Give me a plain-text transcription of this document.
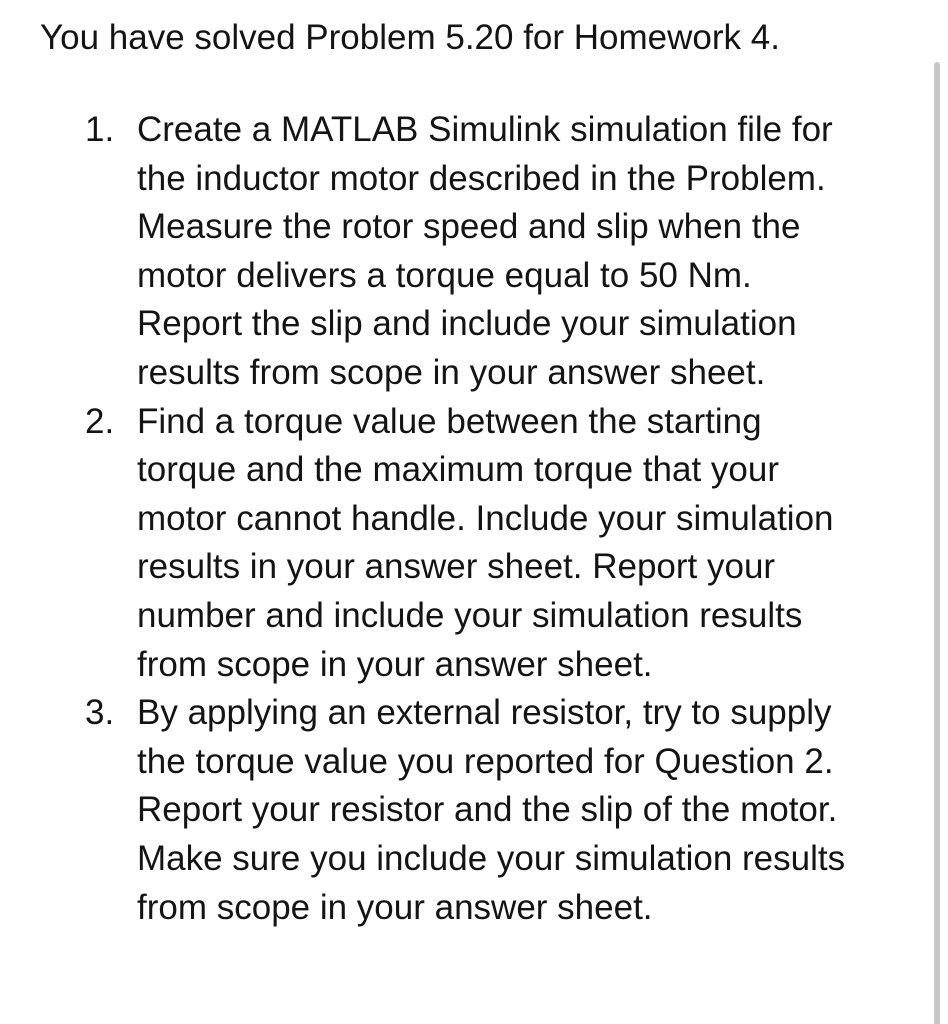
You have solved Problem 5.20 for Homework 4.

1. Create a MATLAB Simulink simulation file for
the inductor motor described in the Problem.
Measure the rotor speed and slip when the
motor delivers a torque equal to 50 Nm.
Report the slip and include your simulation
results from scope in your answer sheet.
2. Find a torque value between the starting
torque and the maximum torque that your
motor cannot handle. Include your simulation
results in your answer sheet. Report your
number and include your simulation results
from scope in your answer sheet.
3. By applying an external resistor, try to supply
the torque value you reported for Question 2.
Report your resistor and the slip of the motor.
Make sure you include your simulation results
from scope in your answer sheet.
